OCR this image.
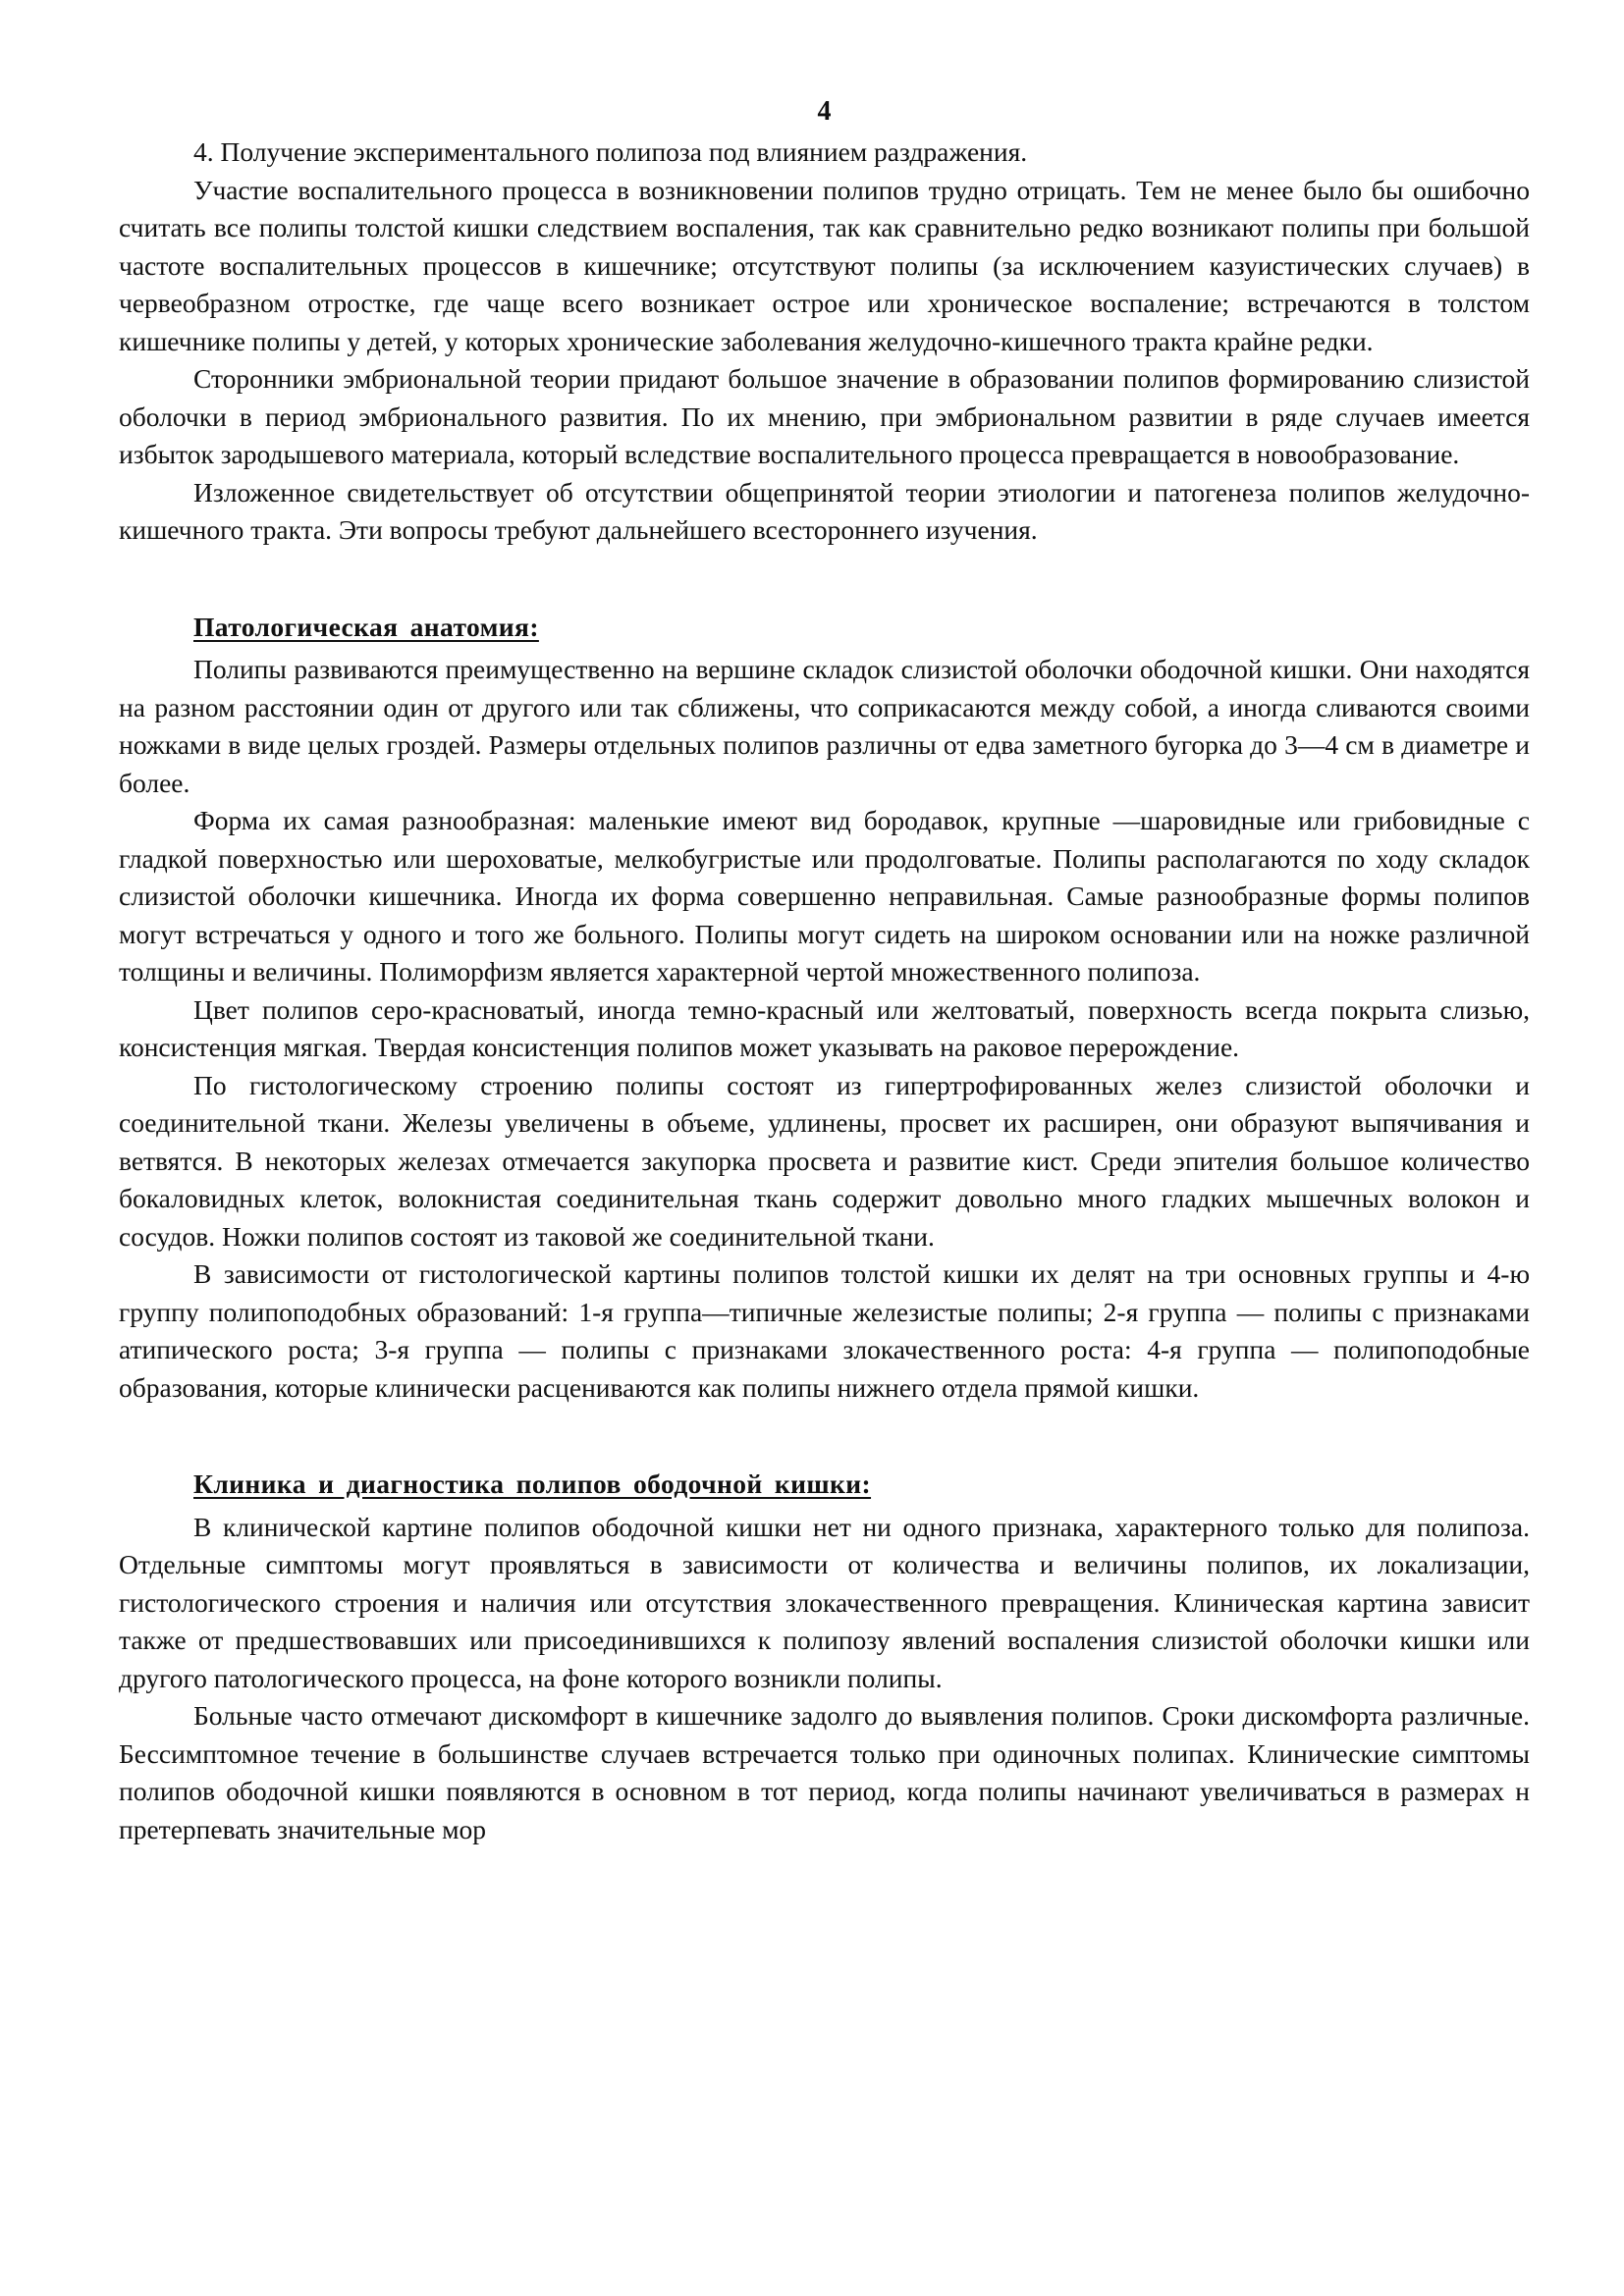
4

4. Получение экспериментального полипоза под влиянием раздражения.

Участие воспалительного процесса в возникновении полипов трудно отрицать. Тем не менее было бы ошибочно считать все полипы толстой кишки следствием воспаления, так как сравнительно редко возникают полипы при большой частоте воспалительных процессов в кишечнике; отсутствуют полипы (за исключением казуистических случаев) в червеобразном отростке, где чаще всего возникает острое или хроническое воспаление; встречаются в толстом кишечнике полипы у детей, у которых хронические заболевания желудочно-кишечного тракта крайне редки.

Сторонники эмбриональной теории придают большое значение в образовании полипов формированию слизистой оболочки в период эмбрионального развития. По их мнению, при эмбриональном развитии в ряде случаев имеется избыток зародышевого материала, который вследствие воспалительного процесса превращается в новообразование.

Изложенное свидетельствует об отсутствии общепринятой теории этиологии и патогенеза полипов желудочно-кишечного тракта. Эти вопросы требуют дальнейшего всестороннего изучения.

Патологическая анатомия:

Полипы развиваются преимущественно на вершине складок слизистой оболочки ободочной кишки. Они находятся на разном расстоянии один от другого или так сближены, что соприкасаются между собой, а иногда сливаются своими ножками в виде целых гроздей. Размеры отдельных полипов различны от едва заметного бугорка до 3—4 см в диаметре и более.

Форма их самая разнообразная: маленькие имеют вид бородавок, крупные —шаровидные или грибовидные с гладкой поверхностью или шероховатые, мелкобугристые или продолговатые. Полипы располагаются по ходу складок слизистой оболочки кишечника. Иногда их форма совершенно неправильная. Самые разнообразные формы полипов могут встречаться у одного и того же больного. Полипы могут сидеть на широком основании или на ножке различной толщины и величины. Полиморфизм является характерной чертой множественного полипоза.

Цвет полипов серо-красноватый, иногда темно-красный или желтоватый, поверхность всегда покрыта слизью, консистенция мягкая. Твердая консистенция полипов может указывать на раковое перерождение.

По гистологическому строению полипы состоят из гипертрофированных желез слизистой оболочки и соединительной ткани. Железы увеличены в объеме, удлинены, просвет их расширен, они образуют выпячивания и ветвятся. В некоторых железах отмечается закупорка просвета и развитие кист. Среди эпителия большое количество бокаловидных клеток, волокнистая соединительная ткань содержит довольно много гладких мышечных волокон и сосудов. Ножки полипов состоят из таковой же соединительной ткани.

В зависимости от гистологической картины полипов толстой кишки их делят на три основных группы и 4-ю группу полипоподобных образований: 1-я группа—типичные железистые полипы; 2-я группа — полипы с признаками атипического роста; 3-я группа — полипы с признаками злокачественного роста: 4-я группа — полипоподобные образования, которые клинически расцениваются как полипы нижнего отдела прямой кишки.

Клиника и диагностика полипов ободочной кишки:

В клинической картине полипов ободочной кишки нет ни одного признака, характерного только для полипоза. Отдельные симптомы могут проявляться в зависимости от количества и величины полипов, их локализации, гистологического строения и наличия или отсутствия злокачественного превращения. Клиническая картина зависит также от предшествовавших или присоединившихся к полипозу явлений воспаления слизистой оболочки кишки или другого патологического процесса, на фоне которого возникли полипы.

Больные часто отмечают дискомфорт в кишечнике задолго до выявления полипов. Сроки дискомфорта различные. Бессимптомное течение в большинстве случаев встречается только при одиночных полипах. Клинические симптомы полипов ободочной кишки появляются в основном в тот период, когда полипы начинают увеличиваться в размерах н претерпевать значительные мор
